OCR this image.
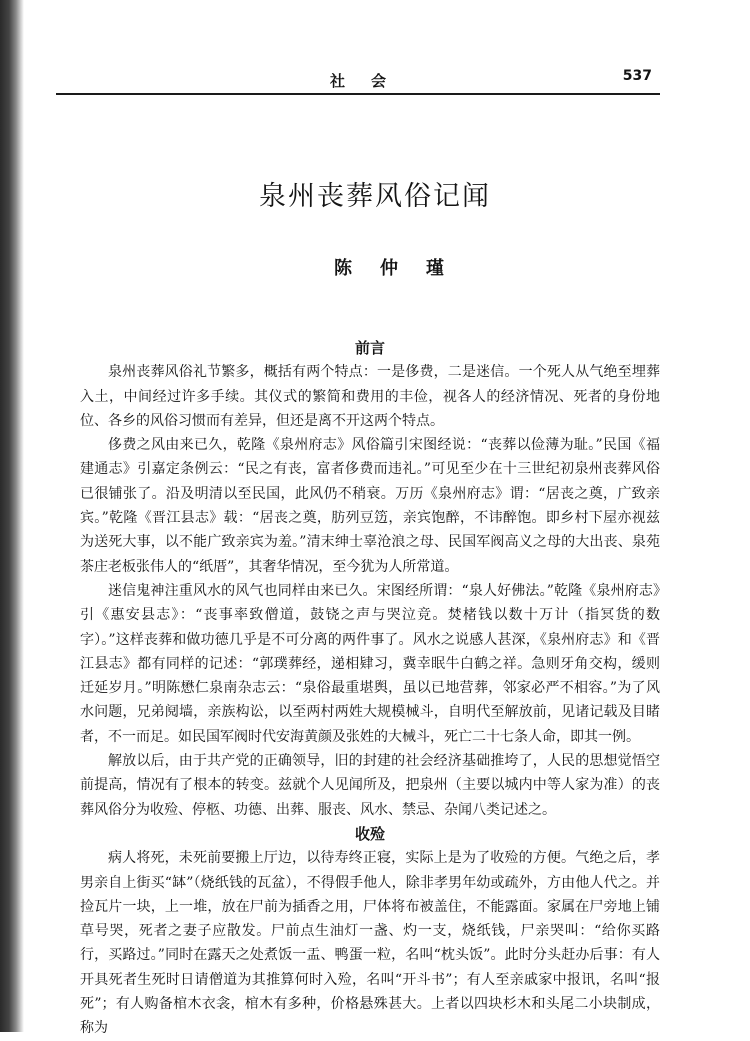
社会	537
泉州丧葬风俗记闻
陈仲瑾
前言

泉州丧葬风俗礼节繁多，概括有两个特点：一是侈费，二是迷信。一个死人从气绝至埋葬入土，中间经过许多手续。其仪式的繁简和费用的丰俭，视各人的经济情况、死者的身份地位、各乡的风俗习惯而有差异，但还是离不开这两个特点。

侈费之风由来已久，乾隆《泉州府志》风俗篇引宋图经说：“丧葬以俭薄为耻。”民国《福建通志》引嘉定条例云：“民之有丧，富者侈费而违礼。”可见至少在十三世纪初泉州丧葬风俗已很铺张了。沿及明清以至民国，此风仍不稍衰。万历《泉州府志》谓：“居丧之奠，广致亲宾。”乾隆《晋江县志》载：“居丧之奠，肪列豆笾，亲宾饱醉，不讳醉饱。即乡村下屋亦视兹为送死大事，以不能广致亲宾为羞。”清末绅士辜沧浪之母、民国军阀高义之母的大出丧、泉苑茶庄老板张伟人的“纸厝”，其奢华情况，至今犹为人所常道。

迷信鬼神注重风水的风气也同样由来已久。宋图经所谓：“泉人好佛法。”乾隆《泉州府志》引《惠安县志》：“丧事率致僧道，鼓铙之声与哭泣竞。焚楮钱以数十万计（指冥货的数字）。”这样丧葬和做功德几乎是不可分离的两件事了。风水之说感人甚深，《泉州府志》和《晋江县志》都有同样的记述：“郭璞葬经，递相肄习，冀幸眠牛白鹤之祥。急则牙角交构，缓则迁延岁月。”明陈懋仁泉南杂志云：“泉俗最重堪舆，虽以已地营葬，邻家必严不相容。”为了风水问题，兄弟阋墙，亲族构讼，以至两村两姓大规模械斗，自明代至解放前，见诸记载及目睹者，不一而足。如民国军阀时代安海黄颜及张姓的大械斗，死亡二十七条人命，即其一例。

解放以后，由于共产党的正确领导，旧的封建的社会经济基础推垮了，人民的思想觉悟空前提高，情况有了根本的转变。兹就个人见闻所及，把泉州（主要以城内中等人家为准）的丧葬风俗分为收殓、停柩、功德、出葬、服丧、风水、禁忌、杂闻八类记述之。

收殓

病人将死，未死前要搬上厅边，以待寿终正寝，实际上是为了收殓的方便。气绝之后，孝男亲自上街买“缽”（烧纸钱的瓦盆），不得假手他人，除非孝男年幼或疏外，方由他人代之。并捡瓦片一块，上一堆，放在尸前为插香之用，尸体将布被盖住，不能露面。家属在尸旁地上铺草号哭，死者之妻子应散发。尸前点生油灯一盏、灼一支，烧纸钱，尸亲哭叫：“给你买路行，买路过。”同时在露天之处煮饭一盂、鸭蛋一粒，名叫“枕头饭”。此时分头赶办后事：有人开具死者生死时日请僧道为其推算何时入殓，名叫“开斗书”；有人至亲戚家中报讯，名叫“报死”；有人购备棺木衣衾，棺木有多种，价格悬殊甚大。上者以四块杉木和头尾二小块制成，称为
